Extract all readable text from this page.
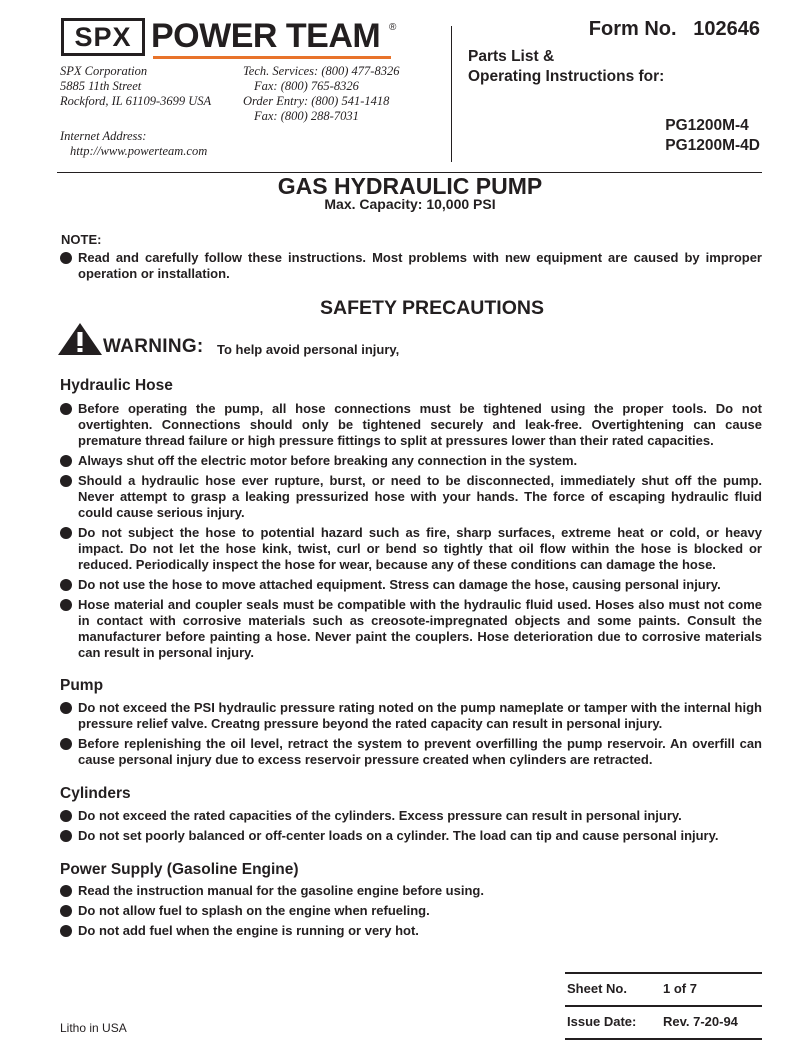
SPX POWER TEAM ®
SPX Corporation
5885 11th Street
Rockford, IL 61109-3699 USA
Tech. Services: (800) 477-8326
Fax: (800) 765-8326
Order Entry: (800) 541-1418
Fax: (800) 288-7031
Internet Address:
http://www.powerteam.com
Form No. 102646
Parts List &
Operating Instructions for:
PG1200M-4
PG1200M-4D
GAS HYDRAULIC PUMP
Max. Capacity: 10,000 PSI
NOTE:
Read and carefully follow these instructions. Most problems with new equipment are caused by improper operation or installation.
SAFETY PRECAUTIONS
WARNING: To help avoid personal injury,
Hydraulic Hose
Before operating the pump, all hose connections must be tightened using the proper tools. Do not overtighten. Connections should only be tightened securely and leak-free. Overtightening can cause premature thread failure or high pressure fittings to split at pressures lower than their rated capacities.
Always shut off the electric motor before breaking any connection in the system.
Should a hydraulic hose ever rupture, burst, or need to be disconnected, immediately shut off the pump. Never attempt to grasp a leaking pressurized hose with your hands. The force of escaping hydraulic fluid could cause serious injury.
Do not subject the hose to potential hazard such as fire, sharp surfaces, extreme heat or cold, or heavy impact. Do not let the hose kink, twist, curl or bend so tightly that oil flow within the hose is blocked or reduced. Periodically inspect the hose for wear, because any of these conditions can damage the hose.
Do not use the hose to move attached equipment. Stress can damage the hose, causing personal injury.
Hose material and coupler seals must be compatible with the hydraulic fluid used. Hoses also must not come in contact with corrosive materials such as creosote-impregnated objects and some paints. Consult the manufacturer before painting a hose. Never paint the couplers. Hose deterioration due to corrosive materials can result in personal injury.
Pump
Do not exceed the PSI hydraulic pressure rating noted on the pump nameplate or tamper with the internal high pressure relief valve. Creatng pressure beyond the rated capacity can result in personal injury.
Before replenishing the oil level, retract the system to prevent overfilling the pump reservoir. An overfill can cause personal injury due to excess reservoir pressure created when cylinders are retracted.
Cylinders
Do not exceed the rated capacities of the cylinders. Excess pressure can result in personal injury.
Do not set poorly balanced or off-center loads on a cylinder. The load can tip and cause personal injury.
Power Supply (Gasoline Engine)
Read the instruction manual for the gasoline engine before using.
Do not allow fuel to splash on the engine when refueling.
Do not add fuel when the engine is running or very hot.
Sheet No.	1 of 7
Issue Date: Rev. 7-20-94
Litho in USA
